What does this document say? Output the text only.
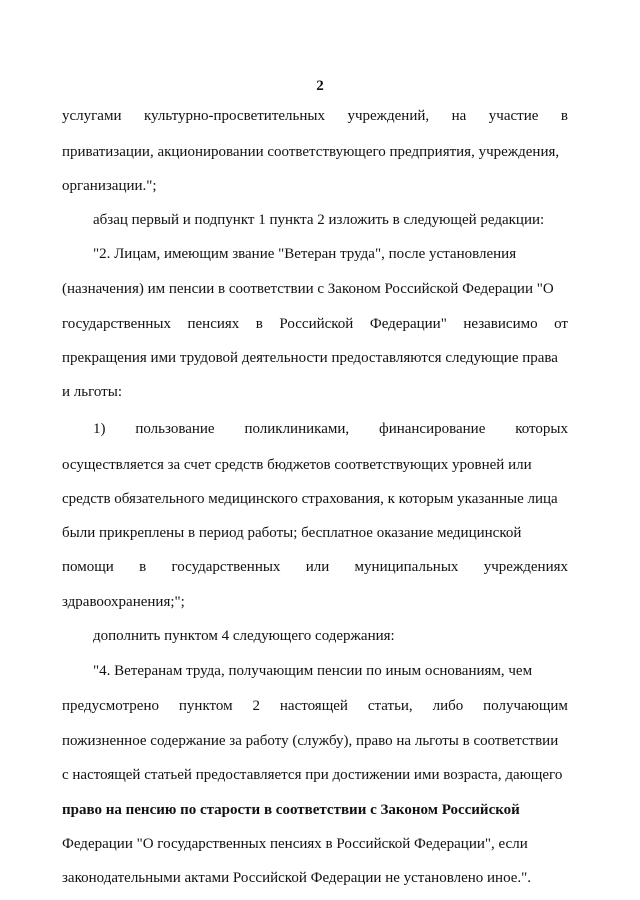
2
услугами культурно-просветительных учреждений, на участие в
приватизации, акционировании соответствующего предприятия, учреждения,
организации.";
абзац первый и подпункт 1 пункта 2 изложить в следующей редакции:
"2. Лицам, имеющим звание "Ветеран труда", после установления
(назначения) им пенсии в соответствии с Законом Российской Федерации "О
государственных пенсиях в Российской Федерации" независимо от
прекращения ими трудовой деятельности предоставляются следующие права
и льготы:
1) пользование поликлиниками, финансирование которых
осуществляется за счет средств бюджетов соответствующих уровней или
средств обязательного медицинского страхования, к которым указанные лица
были прикреплены в период работы; бесплатное оказание медицинской
помощи в государственных или муниципальных учреждениях
здравоохранения;";
дополнить пунктом 4 следующего содержания:
"4. Ветеранам труда, получающим пенсии по иным основаниям, чем
предусмотрено пунктом 2 настоящей статьи, либо получающим
пожизненное содержание за работу (службу), право на льготы в соответствии
с настоящей статьей предоставляется при достижении ими возраста, дающего
право на пенсию по старости в соответствии с Законом Российской
Федерации "О государственных пенсиях в Российской Федерации", если
законодательными актами Российской Федерации не установлено иное.".
